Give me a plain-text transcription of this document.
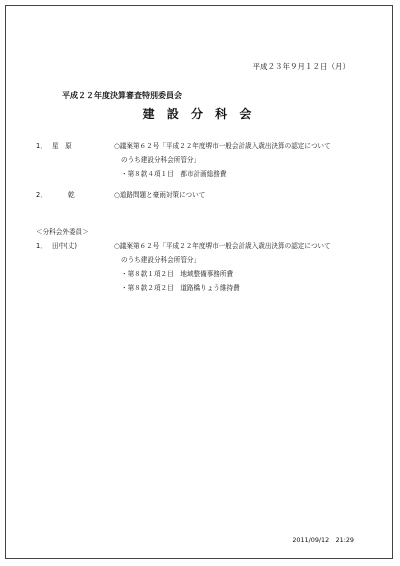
平成２３年９月１２日（月）
平成２２年度決算審査特別委員会
建 設 分 科 会
1． 星　原	○議案第６２号「平成２２年度堺市一般会計歳入歳出決算の認定について
のうち建設分科会所管分」
・第８款４項１目　都市計画総務費
2．	乾	○道路問題と豪雨対策について
＜分科会外委員＞
1． 田中(丈)	○議案第６２号「平成２２年度堺市一般会計歳入歳出決算の認定について
のうち建設分科会所管分」
・第８款１項２目　地域整備事務所費
・第８款２項２目　道路橋りょう維持費
2011/09/12　21:29
